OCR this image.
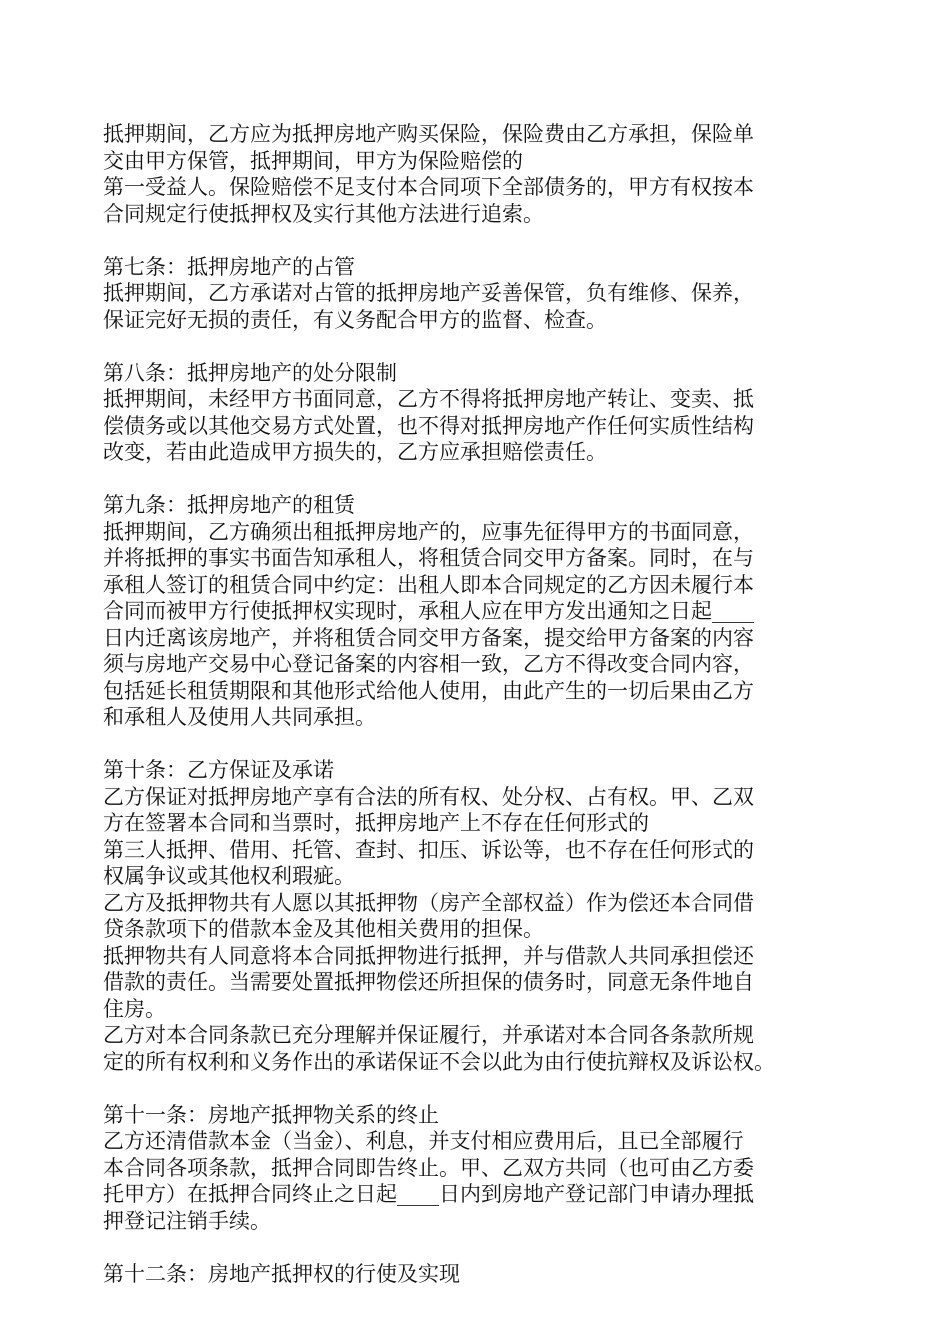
抵押期间，乙方应为抵押房地产购买保险，保险费由乙方承担，保险单
交由甲方保管，抵押期间，甲方为保险赔偿的
第一受益人。保险赔偿不足支付本合同项下全部债务的，甲方有权按本
合同规定行使抵押权及实行其他方法进行追索。
第七条：抵押房地产的占管
抵押期间，乙方承诺对占管的抵押房地产妥善保管，负有维修、保养，
保证完好无损的责任，有义务配合甲方的监督、检查。
第八条：抵押房地产的处分限制
抵押期间，未经甲方书面同意，乙方不得将抵押房地产转让、变卖、抵
偿债务或以其他交易方式处置，也不得对抵押房地产作任何实质性结构
改变，若由此造成甲方损失的，乙方应承担赔偿责任。
第九条：抵押房地产的租赁
抵押期间，乙方确须出租抵押房地产的，应事先征得甲方的书面同意，
并将抵押的事实书面告知承租人，将租赁合同交甲方备案。同时，在与
承租人签订的租赁合同中约定：出租人即本合同规定的乙方因未履行本
合同而被甲方行使抵押权实现时，承租人应在甲方发出通知之日起____
日内迁离该房地产，并将租赁合同交甲方备案，提交给甲方备案的内容
须与房地产交易中心登记备案的内容相一致，乙方不得改变合同内容，
包括延长租赁期限和其他形式给他人使用，由此产生的一切后果由乙方
和承租人及使用人共同承担。
第十条：乙方保证及承诺
乙方保证对抵押房地产享有合法的所有权、处分权、占有权。甲、乙双
方在签署本合同和当票时，抵押房地产上不存在任何形式的
第三人抵押、借用、托管、查封、扣压、诉讼等，也不存在任何形式的
权属争议或其他权利瑕疵。
乙方及抵押物共有人愿以其抵押物（房产全部权益）作为偿还本合同借
贷条款项下的借款本金及其他相关费用的担保。
抵押物共有人同意将本合同抵押物进行抵押，并与借款人共同承担偿还
借款的责任。当需要处置抵押物偿还所担保的债务时，同意无条件地自
住房。
乙方对本合同条款已充分理解并保证履行，并承诺对本合同各条款所规
定的所有权利和义务作出的承诺保证不会以此为由行使抗辩权及诉讼权。
第十一条：房地产抵押物关系的终止
乙方还清借款本金（当金）、利息，并支付相应费用后，且已全部履行
本合同各项条款，抵押合同即告终止。甲、乙双方共同（也可由乙方委
托甲方）在抵押合同终止之日起____日内到房地产登记部门申请办理抵
押登记注销手续。
第十二条：房地产抵押权的行使及实现
